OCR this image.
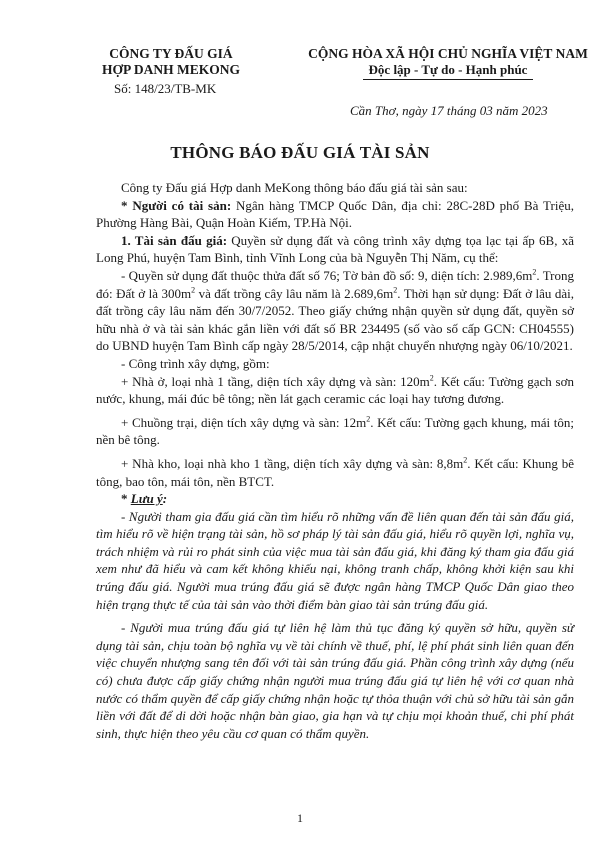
CÔNG TY ĐẤU GIÁ
HỢP DANH MEKONG
Số: 148/23/TB-MK
CỘNG HÒA XÃ HỘI CHỦ NGHĨA VIỆT NAM
Độc lập - Tự do - Hạnh phúc
Cần Thơ, ngày 17 tháng 03 năm 2023
THÔNG BÁO ĐẤU GIÁ TÀI SẢN

Công ty Đấu giá Hợp danh MeKong thông báo đấu giá tài sản sau:

* Người có tài sản: Ngân hàng TMCP Quốc Dân, địa chỉ: 28C-28D phố Bà Triệu, Phường Hàng Bài, Quận Hoàn Kiếm, TP.Hà Nội.

1. Tài sản đấu giá: Quyền sử dụng đất và công trình xây dựng tọa lạc tại ấp 6B, xã Long Phú, huyện Tam Bình, tỉnh Vĩnh Long của bà Nguyễn Thị Năm, cụ thể:

- Quyền sử dụng đất thuộc thửa đất số 76; Tờ bản đồ số: 9, diện tích: $2.989,6m^2$. Trong đó: Đất ở là $300m^2$ và đất trồng cây lâu năm là $2.689,6m^2$. Thời hạn sử dụng: Đất ở lâu dài, đất trồng cây lâu năm đến 30/7/2052. Theo giấy chứng nhận quyền sử dụng đất, quyền sở hữu nhà ở và tài sản khác gắn liền với đất số BR 234495 (số vào số cấp GCN: CH04555) do UBND huyện Tam Bình cấp ngày 28/5/2014, cập nhật chuyển nhượng ngày 06/10/2021.

- Công trình xây dựng, gồm:

+ Nhà ở, loại nhà 1 tầng, diện tích xây dựng và sàn: $120m^2$. Kết cấu: Tường gạch sơn nước, khung, mái đúc bê tông; nền lát gạch ceramic các loại hay tương đương.

+ Chuồng trại, diện tích xây dựng và sàn: $12m^2$. Kết cấu: Tường gạch khung, mái tôn; nền bê tông.

+ Nhà kho, loại nhà kho 1 tầng, diện tích xây dựng và sàn: $8,8m^2$. Kết cấu: Khung bê tông, bao tôn, mái tôn, nền BTCT.

* Lưu ý:

- Người tham gia đấu giá cần tìm hiểu rõ những vấn đề liên quan đến tài sản đấu giá, tìm hiểu rõ về hiện trạng tài sản, hồ sơ pháp lý tài sản đấu giá, hiểu rõ quyền lợi, nghĩa vụ, trách nhiệm và rủi ro phát sinh của việc mua tài sản đấu giá, khi đăng ký tham gia đấu giá xem như đã hiểu và cam kết không khiếu nại, không tranh chấp, không khởi kiện sau khi trúng đấu giá. Người mua trúng đấu giá sẽ được ngân hàng TMCP Quốc Dân giao theo hiện trạng thực tế của tài sản vào thời điểm bàn giao tài sản trúng đấu giá.

- Người mua trúng đấu giá tự liên hệ làm thủ tục đăng ký quyền sở hữu, quyền sử dụng tài sản, chịu toàn bộ nghĩa vụ về tài chính về thuế, phí, lệ phí phát sinh liên quan đến việc chuyển nhượng sang tên đối với tài sản trúng đấu giá. Phần công trình xây dựng (nếu có) chưa được cấp giấy chứng nhận người mua trúng đấu giá tự liên hệ với cơ quan nhà nước có thẩm quyền để cấp giấy chứng nhận hoặc tự thỏa thuận với chủ sở hữu tài sản gắn liền với đất để di dời hoặc nhận bàn giao, gia hạn và tự chịu mọi khoản thuế, chi phí phát sinh, thực hiện theo yêu cầu cơ quan có thẩm quyền.

1
